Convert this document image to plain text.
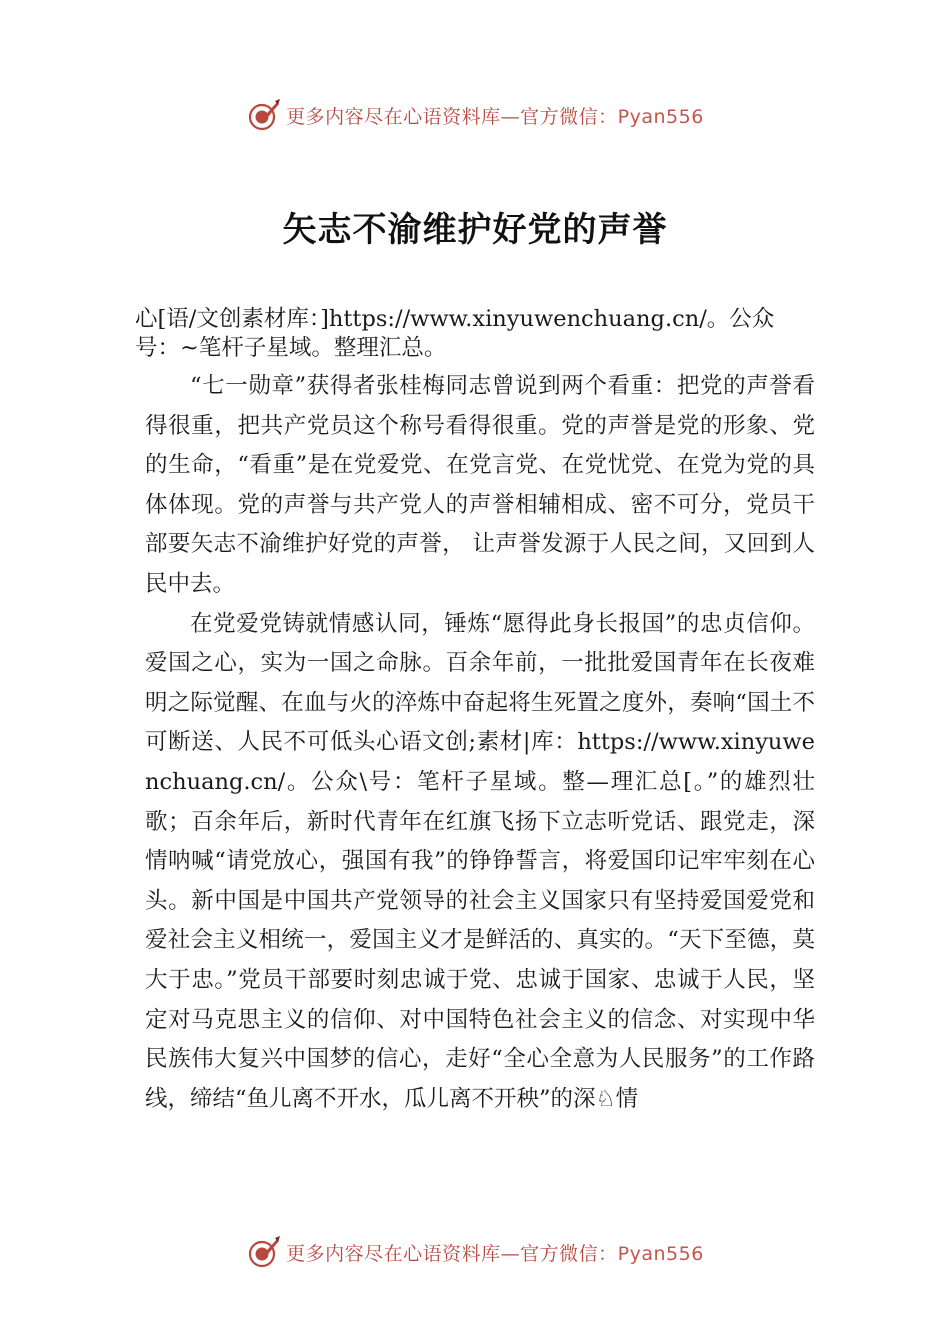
更多内容尽在心语资料库—官方微信：Pyan556
矢志不渝维护好党的声誉

心[语/文创素材库：]https://www.xinyuwenchuang.cn/。公众号：~笔杆子星域。整理汇总。

“七一勋章”获得者张桂梅同志曾说到两个看重：把党的声誉看得很重，把共产党员这个称号看得很重。党的声誉是党的形象、党的生命，“看重”是在党爱党、在党言党、在党忧党、在党为党的具体体现。党的声誉与共产党人的声誉相辅相成、密不可分，党员干部要矢志不渝维护好党的声誉， 让声誉发源于人民之间，又回到人民中去。

在党爱党铸就情感认同，锤炼“愿得此身长报国”的忠贞信仰。爱国之心，实为一国之命脉。百余年前，一批批爱国青年在长夜难明之际觉醒、在血与火的淬炼中奋起将生死置之度外，奏响“国土不可断送、人民不可低头心语文创;素材|库：https://www.xinyuwenchuang.cn/。公众\号：笔杆子星域。整—理汇总[。”的雄烈壮歌；百余年后，新时代青年在红旗飞扬下立志听党话、跟党走，深情呐喊“请党放心，强国有我”的铮铮誓言，将爱国印记牢牢刻在心头。新中国是中国共产党领导的社会主义国家只有坚持爱国爱党和爱社会主义相统一，爱国主义才是鲜活的、真实的。“天下至德，莫大于忠。”党员干部要时刻忠诚于党、忠诚于国家、忠诚于人民，坚定对马克思主义的信仰、对中国特色社会主义的信念、对实现中华民族伟大复兴中国梦的信心，走好“全心全意为人民服务”的工作路线，缔结“鱼儿离不开水，瓜儿离不开秧”的深♘情

更多内容尽在心语资料库—官方微信：Pyan556
